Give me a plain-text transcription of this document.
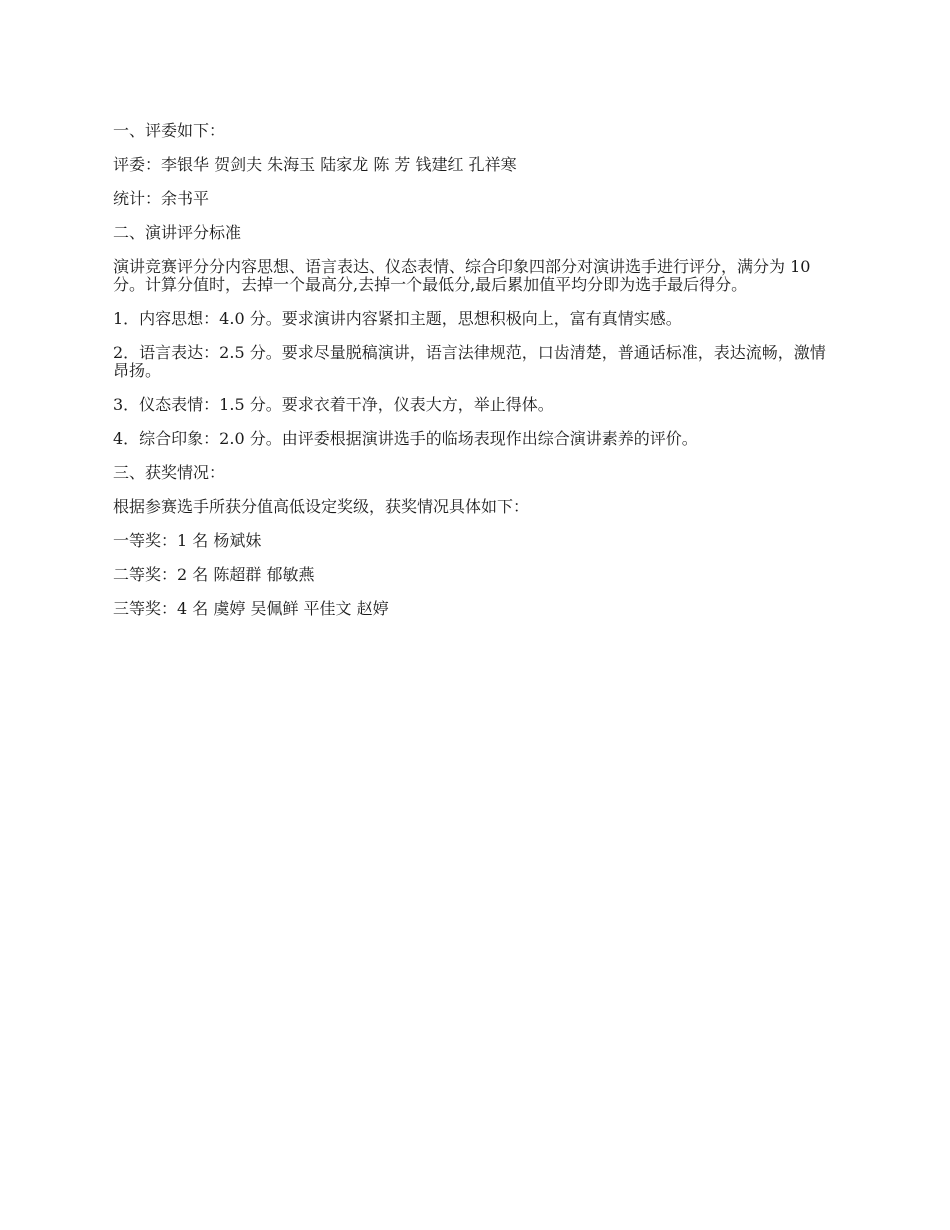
一、评委如下：

评委：李银华 贺剑夫 朱海玉 陆家龙 陈 芳 钱建红 孔祥寒

统计：余书平

二、演讲评分标准

演讲竞赛评分分内容思想、语言表达、仪态表情、综合印象四部分对演讲选手进行评分，满分为 10 分。计算分值时，去掉一个最高分,去掉一个最低分,最后累加值平均分即为选手最后得分。

1．内容思想：4.0 分。要求演讲内容紧扣主题，思想积极向上，富有真情实感。

2．语言表达：2.5 分。要求尽量脱稿演讲，语言法律规范，口齿清楚，普通话标准，表达流畅，激情昂扬。

3．仪态表情：1.5 分。要求衣着干净，仪表大方，举止得体。

4．综合印象：2.0 分。由评委根据演讲选手的临场表现作出综合演讲素养的评价。

三、获奖情况：

根据参赛选手所获分值高低设定奖级，获奖情况具体如下：

一等奖：1 名 杨斌妹

二等奖：2 名 陈超群 郁敏燕

三等奖：4 名 虞婷 吴佩鲜 平佳文 赵婷
